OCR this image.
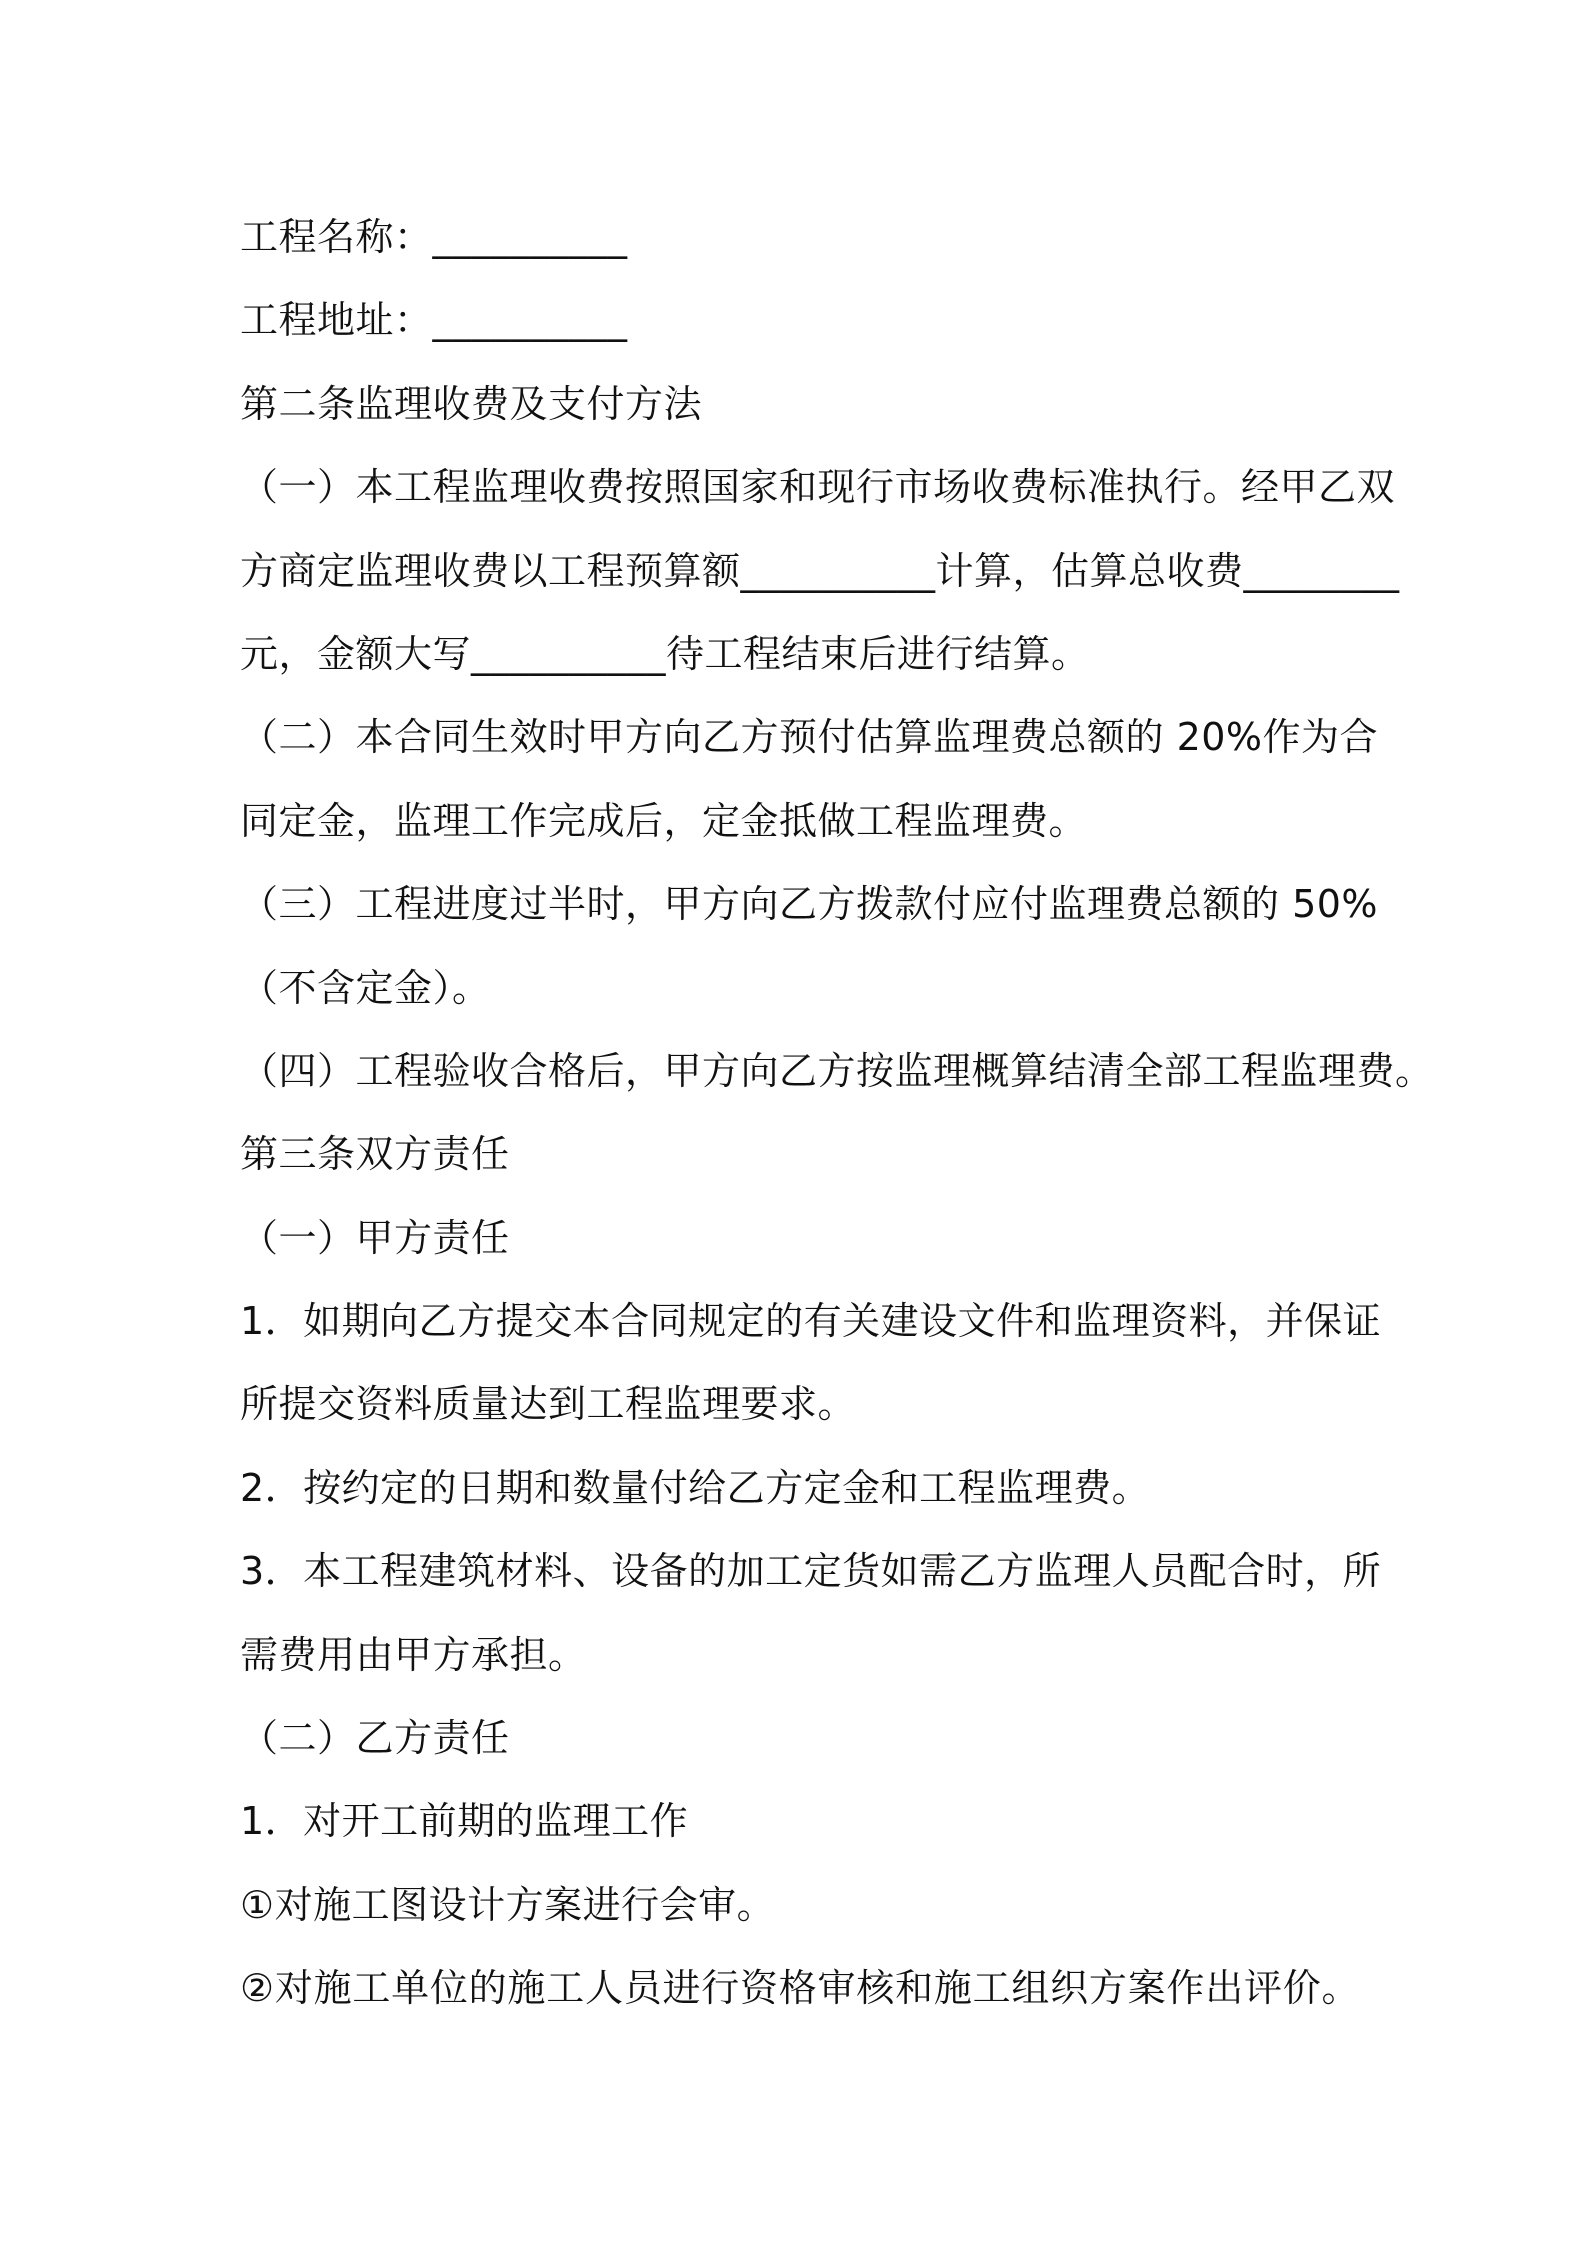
工程名称：__________
工程地址：__________
第二条监理收费及支付方法
（一）本工程监理收费按照国家和现行市场收费标准执行。经甲乙双
方商定监理收费以工程预算额__________计算，估算总收费________
元，金额大写__________待工程结束后进行结算。
（二）本合同生效时甲方向乙方预付估算监理费总额的 20%作为合
同定金，监理工作完成后，定金抵做工程监理费。
（三）工程进度过半时，甲方向乙方拨款付应付监理费总额的 50%
（不含定金）。
（四）工程验收合格后，甲方向乙方按监理概算结清全部工程监理费。
第三条双方责任
（一）甲方责任
1．如期向乙方提交本合同规定的有关建设文件和监理资料，并保证
所提交资料质量达到工程监理要求。
2．按约定的日期和数量付给乙方定金和工程监理费。
3．本工程建筑材料、设备的加工定货如需乙方监理人员配合时，所
需费用由甲方承担。
（二）乙方责任
1．对开工前期的监理工作
①对施工图设计方案进行会审。
②对施工单位的施工人员进行资格审核和施工组织方案作出评价。
